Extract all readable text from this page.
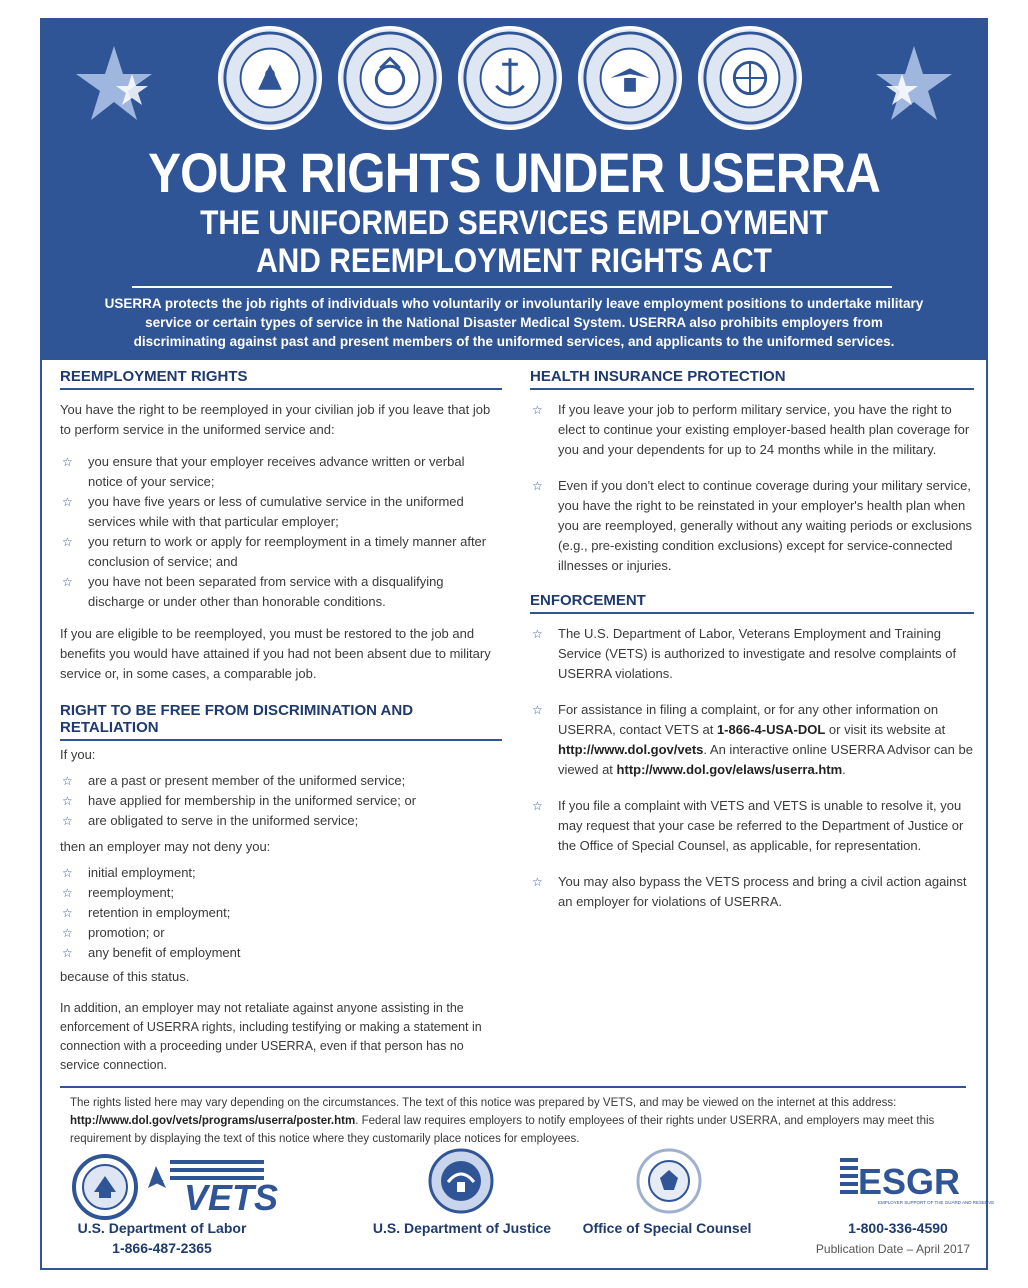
YOUR RIGHTS UNDER USERRA
THE UNIFORMED SERVICES EMPLOYMENT
AND REEMPLOYMENT RIGHTS ACT
USERRA protects the job rights of individuals who voluntarily or involuntarily leave employment positions to undertake military service or certain types of service in the National Disaster Medical System. USERRA also prohibits employers from discriminating against past and present members of the uniformed services, and applicants to the uniformed services.
REEMPLOYMENT RIGHTS

You have the right to be reemployed in your civilian job if you leave that job to perform service in the uniformed service and:

☆ you ensure that your employer receives advance written or verbal notice of your service;
☆ you have five years or less of cumulative service in the uniformed services while with that particular employer;
☆ you return to work or apply for reemployment in a timely manner after conclusion of service; and
☆ you have not been separated from service with a disqualifying discharge or under other than honorable conditions.

If you are eligible to be reemployed, you must be restored to the job and benefits you would have attained if you had not been absent due to military service or, in some cases, a comparable job.

RIGHT TO BE FREE FROM DISCRIMINATION AND RETALIATION

If you:

☆ are a past or present member of the uniformed service;
☆ have applied for membership in the uniformed service; or
☆ are obligated to serve in the uniformed service;

then an employer may not deny you:

☆ initial employment;
☆ reemployment;
☆ retention in employment;
☆ promotion; or
☆ any benefit of employment

because of this status.

In addition, an employer may not retaliate against anyone assisting in the enforcement of USERRA rights, including testifying or making a statement in connection with a proceeding under USERRA, even if that person has no service connection.

HEALTH INSURANCE PROTECTION
☆ If you leave your job to perform military service, you have the right to elect to continue your existing employer-based health plan coverage for you and your dependents for up to 24 months while in the military.
☆ Even if you don't elect to continue coverage during your military service, you have the right to be reinstated in your employer's health plan when you are reemployed, generally without any waiting periods or exclusions (e.g., pre-existing condition exclusions) except for service-connected illnesses or injuries.
ENFORCEMENT
☆ The U.S. Department of Labor, Veterans Employment and Training Service (VETS) is authorized to investigate and resolve complaints of USERRA violations.
☆ For assistance in filing a complaint, or for any other information on USERRA, contact VETS at 1-866-4-USA-DOL or visit its website at http://www.dol.gov/vets. An interactive online USERRA Advisor can be viewed at http://www.dol.gov/elaws/userra.htm.
☆ If you file a complaint with VETS and VETS is unable to resolve it, you may request that your case be referred to the Department of Justice or the Office of Special Counsel, as applicable, for representation.
☆ You may also bypass the VETS process and bring a civil action against an employer for violations of USERRA.
The rights listed here may vary depending on the circumstances. The text of this notice was prepared by VETS, and may be viewed on the internet at this address: http://www.dol.gov/vets/programs/userra/poster.htm. Federal law requires employers to notify employees of their rights under USERRA, and employers may meet this requirement by displaying the text of this notice where they customarily place notices for employees.
VETS
U.S. Department of Labor
1-866-487-2365
U.S. Department of Justice	Office of Special Counsel
ESGR
EMPLOYER SUPPORT OF THE GUARD AND RESERVE
1-800-336-4590
Publication Date – April 2017
